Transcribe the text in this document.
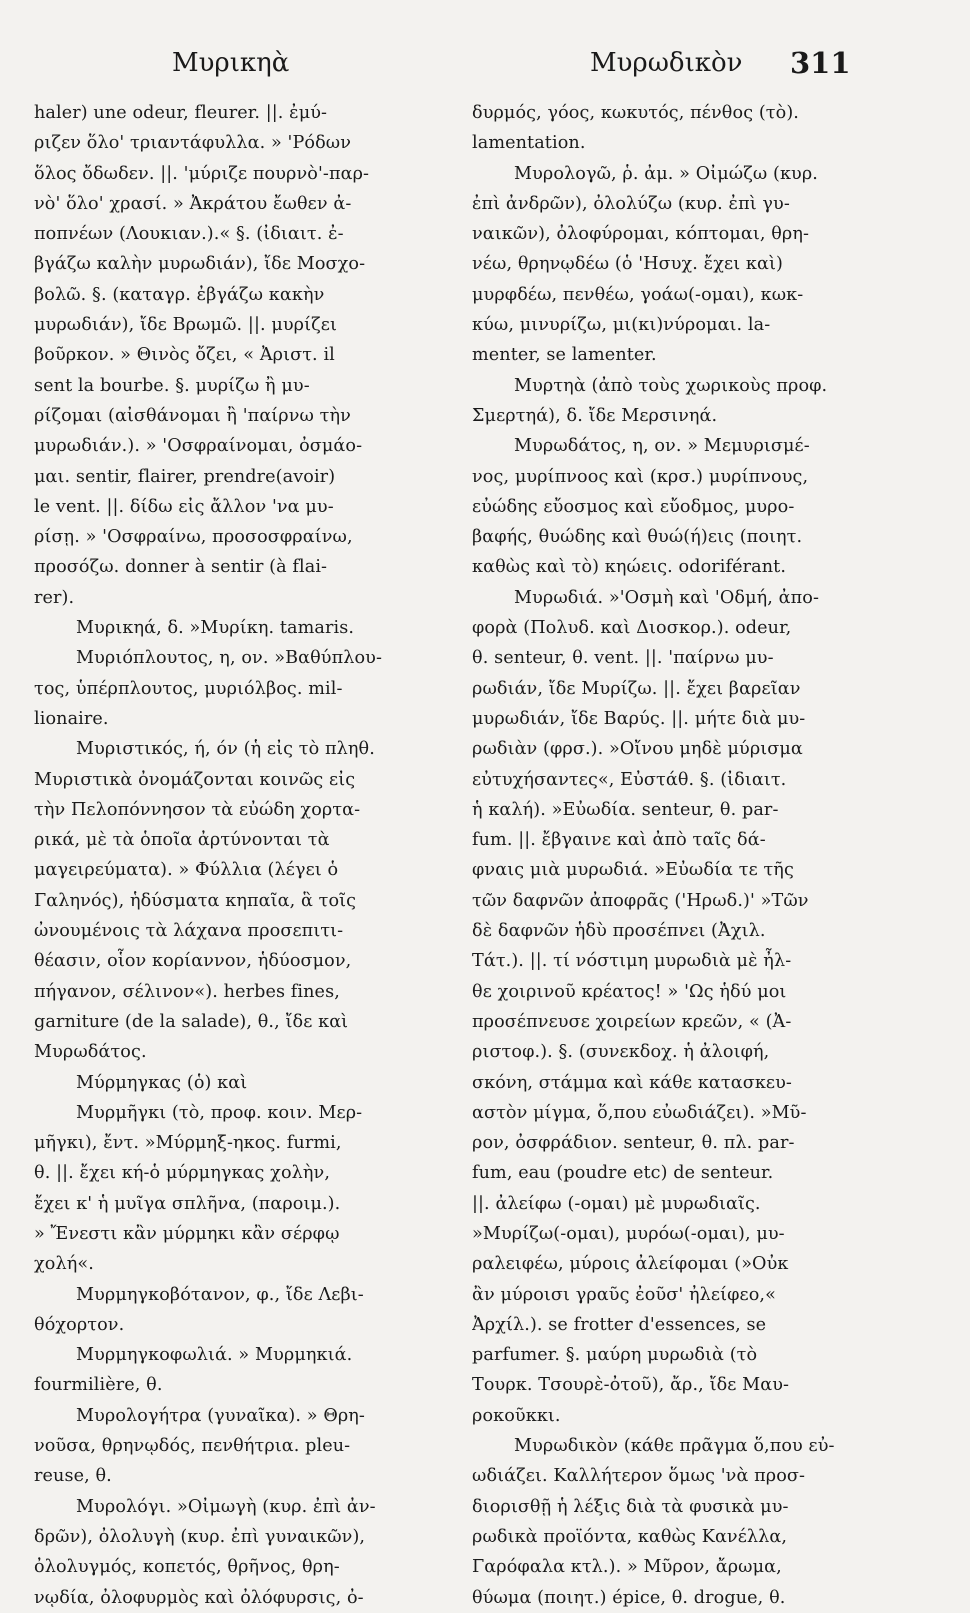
Μυρικηὰ	Μυρωδικὸν 311
haler) une odeur, fleurer. ||. ἐμύ-
ριζεν ὅλο' τριαντάφυλλα. » 'Ρόδων
ὅλος ὄδωδεν. ||. 'μύριζε πουρνὸ'-παρ-
νὸ' ὅλο' χρασί. » Ἀκράτου ἔωθεν ἀ-
ποπνέων (Λουκιαν.).« §. (ἰδιαιτ. ἐ-
βγάζω καλὴν μυρωδιάν), ἴδε Μοσχο-
βολῶ. §. (καταγρ. ἐβγάζω κακὴν
μυρωδιάν), ἴδε Βρωμῶ. ||. μυρίζει
βοῦρκον. » Θινὸς ὄζει, « Ἀριστ. il
sent la bourbe. §. μυρίζω ἢ μυ-
ρίζομαι (αἰσθάνομαι ἢ 'παίρνω τὴν
μυρωδιάν.). » 'Οσφραίνομαι, ὀσμάο-
μαι. sentir, flairer, prendre(avoir)
le vent. ||. δίδω εἰς ἄλλον 'να μυ-
ρίσῃ. » 'Οσφραίνω, προσοσφραίνω,
προσόζω. donner à sentir (à flai-
rer).
Μυρικηά, δ. »Μυρίκη. tamaris.
Μυριόπλουτος, η, ον. »Βαθύπλου-
τος, ὑπέρπλουτος, μυριόλβος. mil-
lionaire.
Μυριστικός, ή, όν (ἡ εἰς τὸ πληθ.
Μυριστικὰ ὀνομάζονται κοινῶς εἰς
τὴν Πελοπόννησον τὰ εὐώδη χορτα-
ρικά, μὲ τὰ ὁποῖα ἀρτύνονται τὰ
μαγειρεύματα). » Φύλλια (λέγει ὁ
Γαληνός), ἡδύσματα κηπαῖα, ἃ τοῖς
ὠνουμένοις τὰ λάχανα προσεπιτι-
θέασιν, οἷον κορίαννον, ἡδύοσμον,
πήγανον, σέλινον«). herbes fines,
garniture (de la salade), θ., ἴδε καὶ
Μυρωδάτος.
Μύρμηγκας (ὁ) καὶ
Μυρμῆγκι (τὸ, προφ. κοιν. Μερ-
μῆγκι), ἔντ. »Μύρμηξ-ηκος. furmi,
θ. ||. ἔχει κή-ὁ μύρμηγκας χολὴν,
ἔχει κ' ἡ μυῖγα σπλῆνα, (παροιμ.).
» Ἔνεστι κἂν μύρμηκι κἂν σέρφῳ
χολή«.
Μυρμηγκοβότανον, φ., ἴδε Λεβι-
θόχορτον.
Μυρμηγκοφωλιά. » Μυρμηκιά.
fourmilière, θ.
Μυρολογήτρα (γυναῖκα). » Θρη-
νοῦσα, θρηνῳδός, πενθήτρια. pleu-
reuse, θ.
Μυρολόγι. »Οἰμωγὴ (κυρ. ἐπὶ ἀν-
δρῶν), ὀλολυγὴ (κυρ. ἐπὶ γυναικῶν),
ὀλολυγμός, κοπετός, θρῆνος, θρη-
νῳδία, ὀλοφυρμὸς καὶ ὀλόφυρσις, ὀ-
δυρμός, γόος, κωκυτός, πένθος (τὸ).
lamentation.
Μυρολογῶ, ῥ. ἀμ. » Οἰμώζω (κυρ.
ἐπὶ ἀνδρῶν), ὀλολύζω (κυρ. ἐπὶ γυ-
ναικῶν), ὀλοφύρομαι, κόπτομαι, θρη-
νέω, θρηνῳδέω (ὁ 'Ησυχ. ἔχει καὶ)
μυρφδέω, πενθέω, γοάω(-ομαι), κωκ-
κύω, μινυρίζω, μι(κι)νύρομαι. la-
menter, se lamenter.
Μυρτηὰ (ἀπὸ τοὺς χωρικοὺς προφ.
Σμερτηά), δ. ἴδε Μερσινηά.
Μυρωδάτος, η, ον. » Μεμυρισμέ-
νος, μυρίπνοος καὶ (κρσ.) μυρίπνους,
εὐώδης εὔοσμος καὶ εὔοδμος, μυρο-
βαφής, θυώδης καὶ θυώ(ή)εις (ποιητ.
καθὼς καὶ τὸ) κηώεις. odoriférant.
Μυρωδιά. »'Οσμὴ καὶ 'Οδμή, ἀπο-
φορὰ (Πολυδ. καὶ Διοσκορ.). odeur,
θ. senteur, θ. vent. ||. 'παίρνω μυ-
ρωδιάν, ἴδε Μυρίζω. ||. ἔχει βαρεῖαν
μυρωδιάν, ἴδε Βαρύς. ||. μήτε διὰ μυ-
ρωδιὰν (φρσ.). »Οἴνου μηδὲ μύρισμα
εὐτυχήσαντες«, Εὐστάθ. §. (ἰδιαιτ.
ἡ καλή). »Εὐωδία. senteur, θ. par-
fum. ||. ἔβγαινε καὶ ἀπὸ ταῖς δά-
φναις μιὰ μυρωδιά. »Εὐωδία τε τῆς
τῶν δαφνῶν ἀποφρᾶς ('Ηρωδ.)' »Τῶν
δὲ δαφνῶν ἡδὺ προσέπνει (Ἀχιλ.
Τάτ.). ||. τί νόστιμη μυρωδιὰ μὲ ἦλ-
θε χοιρινοῦ κρέατος! » 'Ως ἡδύ μοι
προσέπνευσε χοιρείων κρεῶν, « (Ἀ-
ριστοφ.). §. (συνεκδοχ. ἡ ἀλοιφή,
σκόνη, στάμμα καὶ κάθε κατασκευ-
αστὸν μίγμα, ὅ,που εὐωδιάζει). »Μῦ-
ρον, ὀσφράδιον. senteur, θ. πλ. par-
fum, eau (poudre etc) de senteur.
||. ἀλείφω (-ομαι) μὲ μυρωδιαῖς.
»Μυρίζω(-ομαι), μυρόω(-ομαι), μυ-
ραλειφέω, μύροις ἀλείφομαι (»Οὐκ
ἂν μύροισι γραῦς ἐοῦσ' ἠλείφεο,«
Ἀρχίλ.). se frotter d'essences, se
parfumer. §. μαύρη μυρωδιὰ (τὸ
Τουρκ. Τσουρὲ-ὀτοῦ), ἄρ., ἴδε Μαυ-
ροκοῦκκι.
Μυρωδικὸν (κάθε πρᾶγμα ὅ,που εὐ-
ωδιάζει. Καλλήτερον ὅμως 'νὰ προσ-
διορισθῇ ἡ λέξις διὰ τὰ φυσικὰ μυ-
ρωδικὰ προϊόντα, καθὼς Κανέλλα,
Γαρόφαλα κτλ.). » Μῦρον, ἄρωμα,
θύωμα (ποιητ.) épice, θ. drogue, θ.
